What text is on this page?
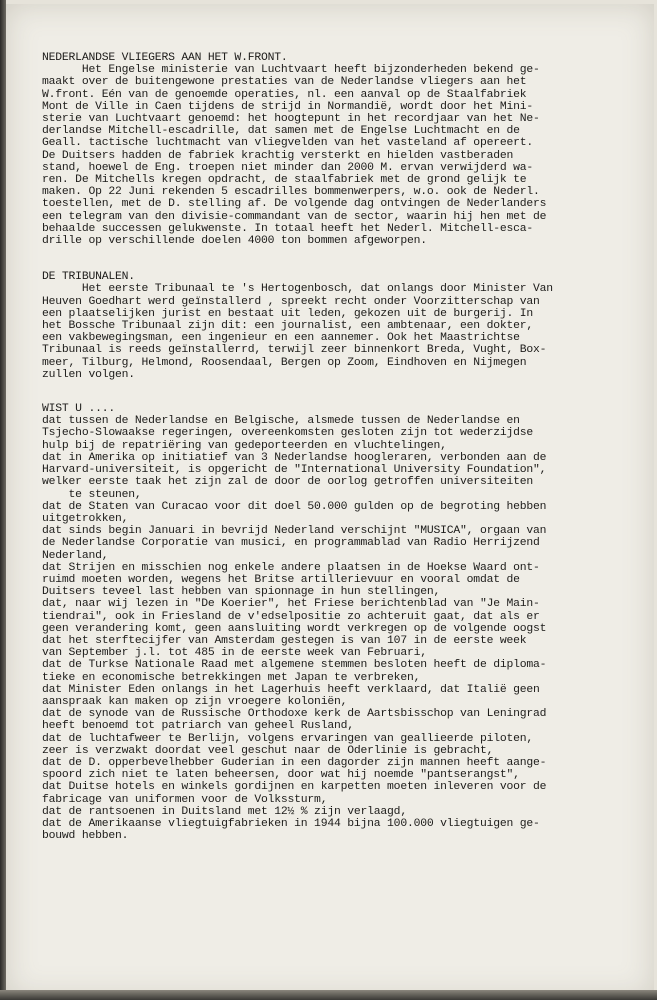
NEDERLANDSE VLIEGERS AAN HET W.FRONT.

Het Engelse ministerie van Luchtvaart heeft bijzonderheden bekend ge-

maakt over de buitengewone prestaties van de Nederlandse vliegers aan het

W.front. Eén van de genoemde operaties, nl. een aanval op de Staalfabriek

Mont de Ville in Caen tijdens de strijd in Normandië, wordt door het Mini-

sterie van Luchtvaart genoemd: het hoogtepunt in het recordjaar van het Ne-

derlandse Mitchell-escadrille, dat samen met de Engelse Luchtmacht en de

Geall. tactische luchtmacht van vliegvelden van het vasteland af opereert.

De Duitsers hadden de fabriek krachtig versterkt en hielden vastberaden

stand, hoewel de Eng. troepen niet minder dan 2000 M. ervan verwijderd wa-

ren. De Mitchells kregen opdracht, de staalfabriek met de grond gelijk te

maken. Op 22 Juni rekenden 5 escadrilles bommenwerpers, w.o. ook de Nederl.

toestellen, met de D. stelling af. De volgende dag ontvingen de Nederlanders

een telegram van den divisie-commandant van de sector, waarin hij hen met de

behaalde successen gelukwenste. In totaal heeft het Nederl. Mitchell-esca-

drille op verschillende doelen 4000 ton bommen afgeworpen.

DE TRIBUNALEN.

Het eerste Tribunaal te 's Hertogenbosch, dat onlangs door Minister Van

Heuven Goedhart werd geïnstallerd , spreekt recht onder Voorzitterschap van

een plaatselijken jurist en bestaat uit leden, gekozen uit de burgerij. In

het Bossche Tribunaal zijn dit: een journalist, een ambtenaar, een dokter,

een vakbewegingsman, een ingenieur en een aannemer. Ook het Maastrichtse

Tribunaal is reeds geïnstallerrd, terwijl zeer binnenkort Breda, Vught, Box-

meer, Tilburg, Helmond, Roosendaal, Bergen op Zoom, Eindhoven en Nijmegen

zullen volgen.

WIST U ....

dat tussen de Nederlandse en Belgische, alsmede tussen de Nederlandse en

Tsjecho-Slowaakse regeringen, overeenkomsten gesloten zijn tot wederzijdse

hulp bij de repatriëring van gedeporteerden en vluchtelingen,

dat in Amerika op initiatief van 3 Nederlandse hoogleraren, verbonden aan de

Harvard-universiteit, is opgericht de "International University Foundation",

welker eerste taak het zijn zal de door de oorlog getroffen universiteiten

te steunen,

dat de Staten van Curacao voor dit doel 50.000 gulden op de begroting hebben

uitgetrokken,

dat sinds begin Januari in bevrijd Nederland verschijnt "MUSICA", orgaan van

de Nederlandse Corporatie van musici, en programmablad van Radio Herrijzend

Nederland,

dat Strijen en misschien nog enkele andere plaatsen in de Hoekse Waard ont-

ruimd moeten worden, wegens het Britse artillerievuur en vooral omdat de

Duitsers teveel last hebben van spionnage in hun stellingen,

dat, naar wij lezen in "De Koerier", het Friese berichtenblad van "Je Main-

tiendrai", ook in Friesland de v'edselpositie zo achteruit gaat, dat als er

geen verandering komt, geen aansluiting wordt verkregen op de volgende oogst

dat het sterftecijfer van Amsterdam gestegen is van 107 in de eerste week

van September j.l. tot 485 in de eerste week van Februari,

dat de Turkse Nationale Raad met algemene stemmen besloten heeft de diploma-

tieke en economische betrekkingen met Japan te verbreken,

dat Minister Eden onlangs in het Lagerhuis heeft verklaard, dat Italië geen

aanspraak kan maken op zijn vroegere koloniën,

dat de synode van de Russische Orthodoxe kerk de Aartsbisschop van Leningrad

heeft benoemd tot patriarch van geheel Rusland,

dat de luchtafweer te Berlijn, volgens ervaringen van geallieerde piloten,

zeer is verzwakt doordat veel geschut naar de Oderlinie is gebracht,

dat de D. opperbevelhebber Guderian in een dagorder zijn mannen heeft aange-

spoord zich niet te laten beheersen, door wat hij noemde "pantserangst",

dat Duitse hotels en winkels gordijnen en karpetten moeten inleveren voor de

fabricage van uniformen voor de Volkssturm,

dat de rantsoenen in Duitsland met 12½ % zijn verlaagd,

dat de Amerikaanse vliegtuigfabrieken in 1944 bijna 100.000 vliegtuigen ge-

bouwd hebben.
